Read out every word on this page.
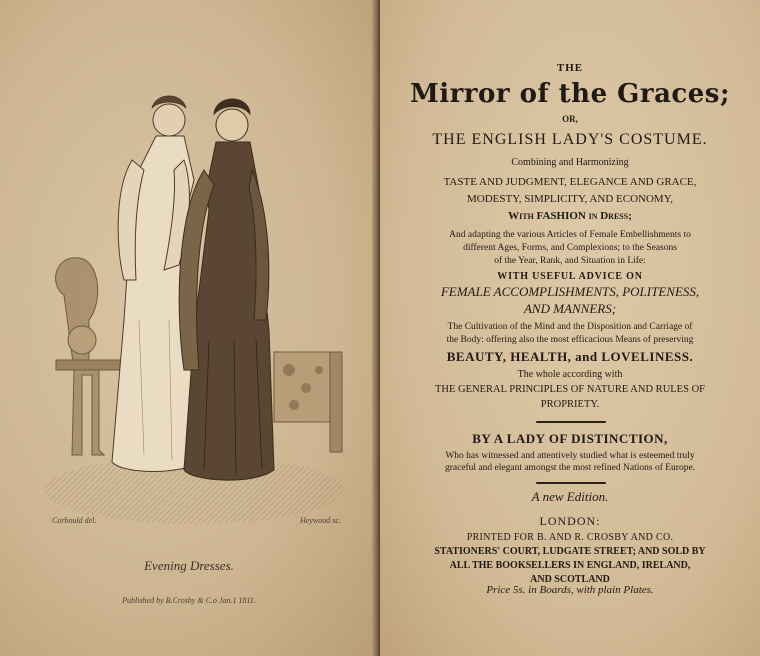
Corbould del.	Heywood sc.
Evening Dresses.
Published by B.Crosby & C.o Jan.1 1811.

THE

Mirror of the Graces;

OR,

THE ENGLISH LADY'S COSTUME.

Combining and Harmonizing

TASTE AND JUDGMENT, ELEGANCE AND GRACE,

MODESTY, SIMPLICITY, AND ECONOMY,

With FASHION in Dress;

And adapting the various Articles of Female Embellishments to

different Ages, Forms, and Complexions; to the Seasons

of the Year, Rank, and Situation in Life:

WITH USEFUL ADVICE ON

FEMALE ACCOMPLISHMENTS, POLITENESS,

AND MANNERS;

The Cultivation of the Mind and the Disposition and Carriage of

the Body: offering also the most efficacious Means of preserving

BEAUTY, HEALTH, and LOVELINESS.

The whole according with

THE GENERAL PRINCIPLES OF NATURE AND RULES OF

PROPRIETY.

BY A LADY OF DISTINCTION,

Who has witnessed and attentively studied what is esteemed truly

graceful and elegant amongst the most refined Nations of Europe.

A new Edition.

LONDON:

PRINTED FOR B. AND R. CROSBY AND CO.

STATIONERS' COURT, LUDGATE STREET; AND SOLD BY

ALL THE BOOKSELLERS IN ENGLAND, IRELAND,

AND SCOTLAND

Price 5s. in Boards, with plain Plates.
